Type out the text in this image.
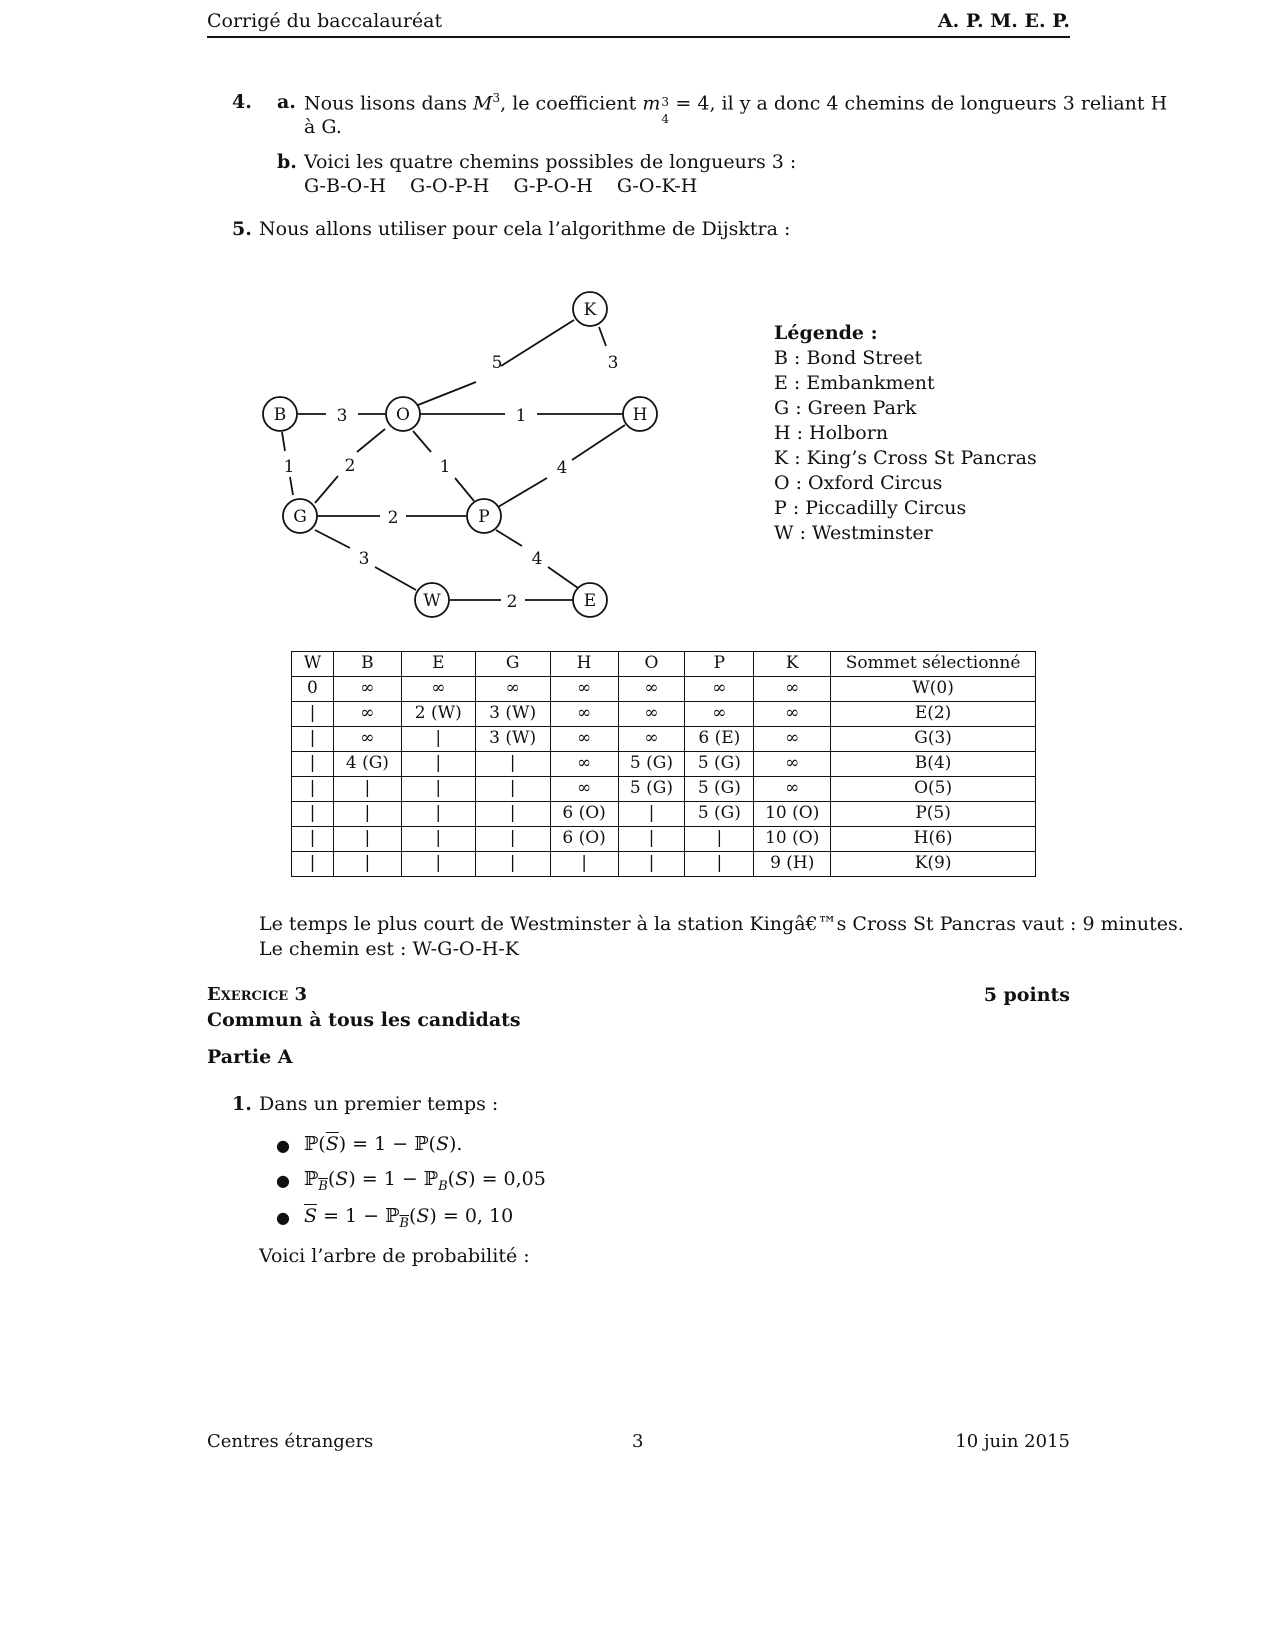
Corrigé du baccalauréat	A. P. M. E. P.
4. a. Nous lisons dans $M^3$, le coefficient m 3
4
= 4, il y a donc 4 chemins de longueurs 3 reliant H
à G.
b. Voici les quatre chemins possibles de longueurs 3 :
G-B-O-H G-O-P-H G-P-O-H G-O-K-H
5. Nous allons utiliser pour cela l’algorithme de Dijsktra :
5	3
3	1
1	2	1	4
2
3	4
2
K
B	O	H
G	P
W	E
Légende :
B : Bond Street
E : Embankment
G : Green Park
H : Holborn
K : King’s Cross St Pancras
O : Oxford Circus
P : Piccadilly Circus
W : Westminster
W	B	E	G	H	O	P	K	Sommet sélectionné
0	∞	∞	∞	∞	∞	∞	∞	W(0)
|	∞	2 (W)	3 (W)	∞	∞	∞	∞	E(2)
|	∞	|	3 (W)	∞	∞	6 (E)	∞	G(3)
|	4 (G)	|	|	∞	5 (G)	5 (G)	∞	B(4)
|	|	|	|	∞	5 (G)	5 (G)	∞	O(5)
|	|	|	|	6 (O)	|	5 (G)	10 (O)	P(5)
|	|	|	|	6 (O)	|	|	10 (O)	H(6)
|	|	|	|	|	|	|	9 (H)	K(9)
Le temps le plus court de Westminster à la station Kingâ€™s Cross St Pancras vaut : 9 minutes.
Le chemin est : W-G-O-H-K
Exercice 3	5 points
Commun à tous les candidats
Partie A
1. Dans un premier temps :
● $ℙ(\overline{S}) = 1$ − ℙ(S).
● ℙ$_{\overline{B}}$(S) = 1 − ℙ$_B$(S) = 0,05
● $\overline{S} = 1$ − ℙ$_{\overline{B}}$(S) = 0, 10
Voici l’arbre de probabilité :
Centres étrangers	3	10 juin 2015
